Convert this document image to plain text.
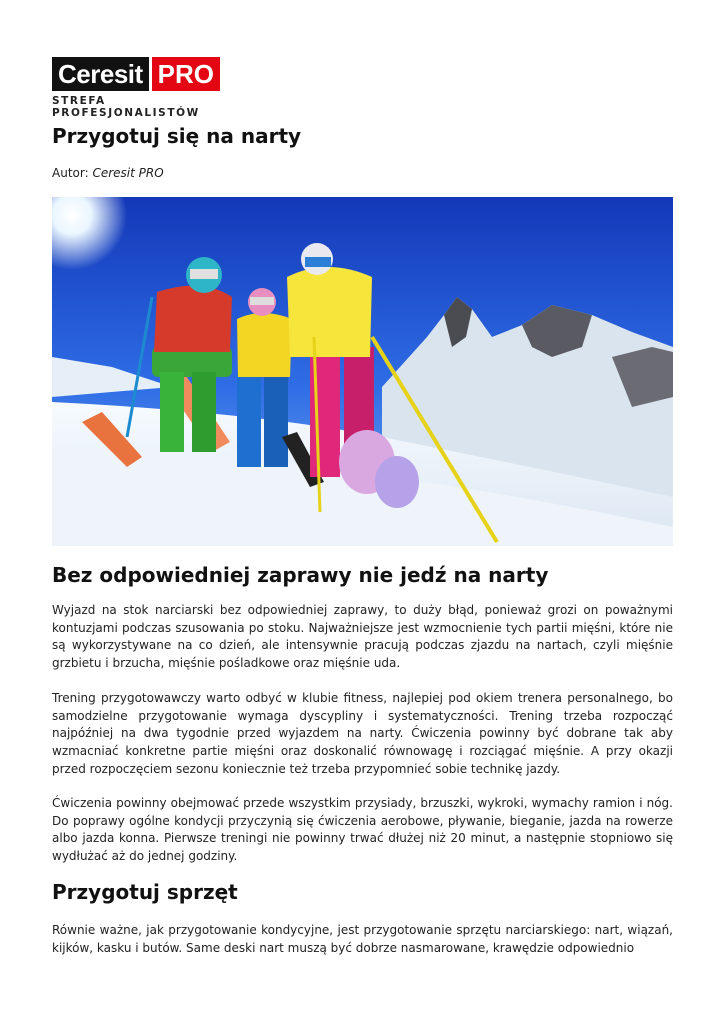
Ceresit PRO
STREFA PROFESJONALISTÓW
Przygotuj się na narty
Autor: Ceresit PRO
Bez odpowiedniej zaprawy nie jedź na narty

Wyjazd na stok narciarski bez odpowiedniej zaprawy, to duży błąd, ponieważ grozi on poważnymi kontuzjami podczas szusowania po stoku. Najważniejsze jest wzmocnienie tych partii mięśni, które nie są wykorzystywane na co dzień, ale intensywnie pracują podczas zjazdu na nartach, czyli mięśnie grzbietu i brzucha, mięśnie pośladkowe oraz mięśnie uda.

Trening przygotowawczy warto odbyć w klubie fitness, najlepiej pod okiem trenera personalnego, bo samodzielne przygotowanie wymaga dyscypliny i systematyczności. Trening trzeba rozpocząć najpóźniej na dwa tygodnie przed wyjazdem na narty. Ćwiczenia powinny być dobrane tak aby wzmacniać konkretne partie mięśni oraz doskonalić równowagę i rozciągać mięśnie. A przy okazji przed rozpoczęciem sezonu koniecznie też trzeba przypomnieć sobie technikę jazdy.

Ćwiczenia powinny obejmować przede wszystkim przysiady, brzuszki, wykroki, wymachy ramion i nóg. Do poprawy ogólne kondycji przyczynią się ćwiczenia aerobowe, pływanie, bieganie, jazda na rowerze albo jazda konna. Pierwsze treningi nie powinny trwać dłużej niż 20 minut, a następnie stopniowo się wydłużać aż do jednej godziny.

Przygotuj sprzęt

Równie ważne, jak przygotowanie kondycyjne, jest przygotowanie sprzętu narciarskiego: nart, wiązań, kijków, kasku i butów. Same deski nart muszą być dobrze nasmarowane, krawędzie odpowiednio
